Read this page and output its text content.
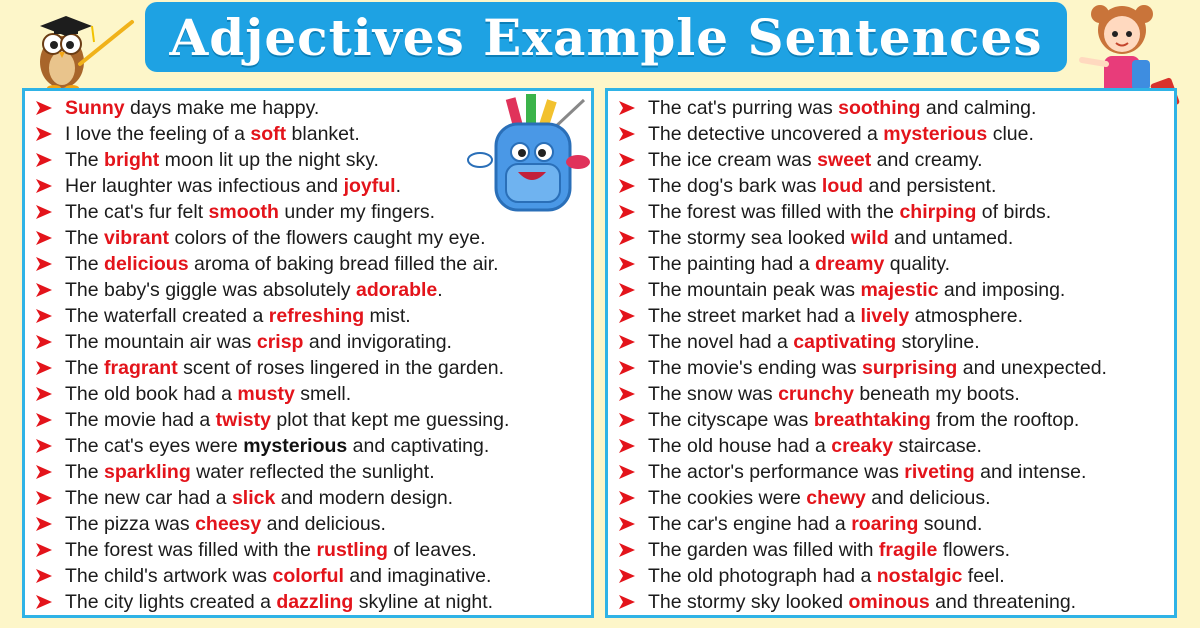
Adjectives Example Sentences
Sunny days make me happy.
I love the feeling of a soft blanket.
The bright moon lit up the night sky.
Her laughter was infectious and joyful.
The cat's fur felt smooth under my fingers.
The vibrant colors of the flowers caught my eye.
The delicious aroma of baking bread filled the air.
The baby's giggle was absolutely adorable.
The waterfall created a refreshing mist.
The mountain air was crisp and invigorating.
The fragrant scent of roses lingered in the garden.
The old book had a musty smell.
The movie had a twisty plot that kept me guessing.
The cat's eyes were mysterious and captivating.
The sparkling water reflected the sunlight.
The new car had a slick and modern design.
The pizza was cheesy and delicious.
The forest was filled with the rustling of leaves.
The child's artwork was colorful and imaginative.
The city lights created a dazzling skyline at night.
The cat's purring was soothing and calming.
The detective uncovered a mysterious clue.
The ice cream was sweet and creamy.
The dog's bark was loud and persistent.
The forest was filled with the chirping of birds.
The stormy sea looked wild and untamed.
The painting had a dreamy quality.
The mountain peak was majestic and imposing.
The street market had a lively atmosphere.
The novel had a captivating storyline.
The movie's ending was surprising and unexpected.
The snow was crunchy beneath my boots.
The cityscape was breathtaking from the rooftop.
The old house had a creaky staircase.
The actor's performance was riveting and intense.
The cookies were chewy and delicious.
The car's engine had a roaring sound.
The garden was filled with fragile flowers.
The old photograph had a nostalgic feel.
The stormy sky looked ominous and threatening.
